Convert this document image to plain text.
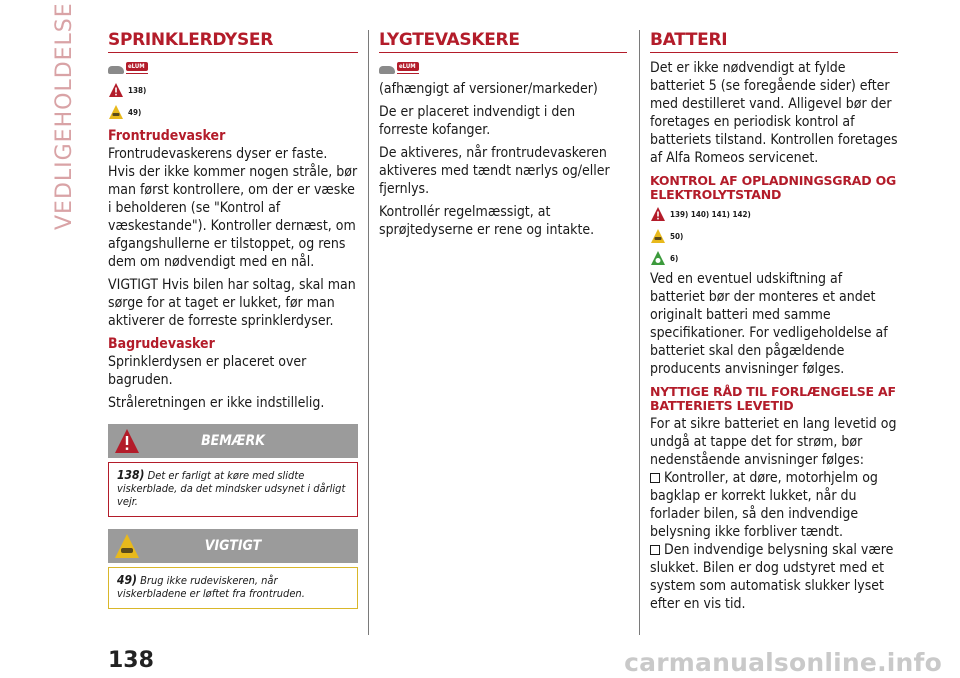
VEDLIGEHOLDELSE SPRINKLERDYSER
eLUM
138)
49)
Frontrudevasker

Frontrudevaskerens dyser er faste. Hvis der ikke kommer nogen stråle, bør man først kontrollere, om der er væske i beholderen (se "Kontrol af væskestande"). Kontroller dernæst, om afgangshullerne er tilstoppet, og rens dem om nødvendigt med en nål.

VIGTIGT Hvis bilen har soltag, skal man sørge for at taget er lukket, før man aktiverer de forreste sprinklerdyser.

Bagrudevasker

Sprinklerdysen er placeret over bagruden.

Stråleretningen er ikke indstillelig.

BEMÆRK
138) Det er farligt at køre med slidte viskerblade, da det mindsker udsynet i dårligt vejr.
VIGTIGT
49) Brug ikke rudeviskeren, når viskerbladene er løftet fra frontruden.
LYGTEVASKERE
eLUM

(afhængigt af versioner/markeder)

De er placeret indvendigt i den forreste kofanger.

De aktiveres, når frontrudevaskeren aktiveres med tændt nærlys og/eller fjernlys.

Kontrollér regelmæssigt, at sprøjtedyserne er rene og intakte.

BATTERI

Det er ikke nødvendigt at fylde batteriet 5 (se foregående sider) efter med destilleret vand. Alligevel bør der foretages en periodisk kontrol af batteriets tilstand. Kontrollen foretages af Alfa Romeos servicenet.

KONTROL AF OPLADNINGSGRAD OG ELEKTROLYTSTAND
139) 140) 141) 142)
50)
6)

Ved en eventuel udskiftning af batteriet bør der monteres et andet originalt batteri med samme specifikationer. For vedligeholdelse af batteriet skal den pågældende producents anvisninger følges.

NYTTIGE RÅD TIL FORLÆNGELSE AF BATTERIETS LEVETID

For at sikre batteriet en lang levetid og undgå at tappe det for strøm, bør nedenstående anvisninger følges:

Kontroller, at døre, motorhjelm og bagklap er korrekt lukket, når du forlader bilen, så den indvendige belysning ikke forbliver tændt.

Den indvendige belysning skal være slukket. Bilen er dog udstyret med et system som automatisk slukker lyset efter en vis tid.

138	carmanualsonline.info
